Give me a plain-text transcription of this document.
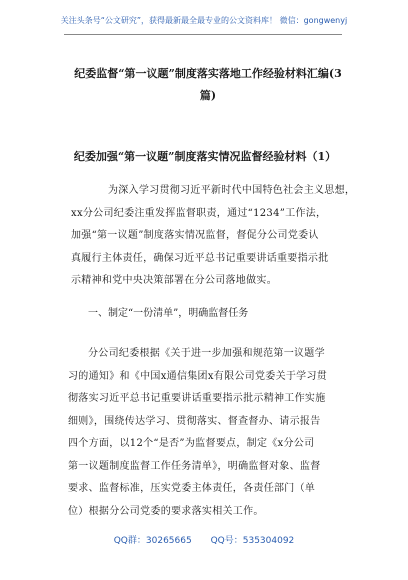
关注头条号“公文研究”，获得最新最全最专业的公文资料库！ 微信：gongwenyj
纪委监督“第一议题”制度落实落地工作经验材料汇编(3
篇)
纪委加强“第一议题”制度落实情况监督经验材料（1）
为深入学习贯彻习近平新时代中国特色社会主义思想，
xx分公司纪委注重发挥监督职责，通过“1234”工作法，
加强“第一议题”制度落实情况监督，督促分公司党委认
真履行主体责任，确保习近平总书记重要讲话重要指示批
示精神和党中央决策部署在分公司落地做实。
一、制定“一份清单”，明确监督任务
分公司纪委根据《关于进一步加强和规范第一议题学
习的通知》和《中国x通信集团x有限公司党委关于学习贯
彻落实习近平总书记重要讲话重要指示批示精神工作实施
细则》，围绕传达学习、贯彻落实、督查督办、请示报告
四个方面，以12个“是否”为监督要点，制定《x分公司
第一议题制度监督工作任务清单》，明确监督对象、监督
要求、监督标准，压实党委主体责任，各责任部门（单
位）根据分公司党委的要求落实相关工作。
QQ群：30265665 QQ号：535304092
